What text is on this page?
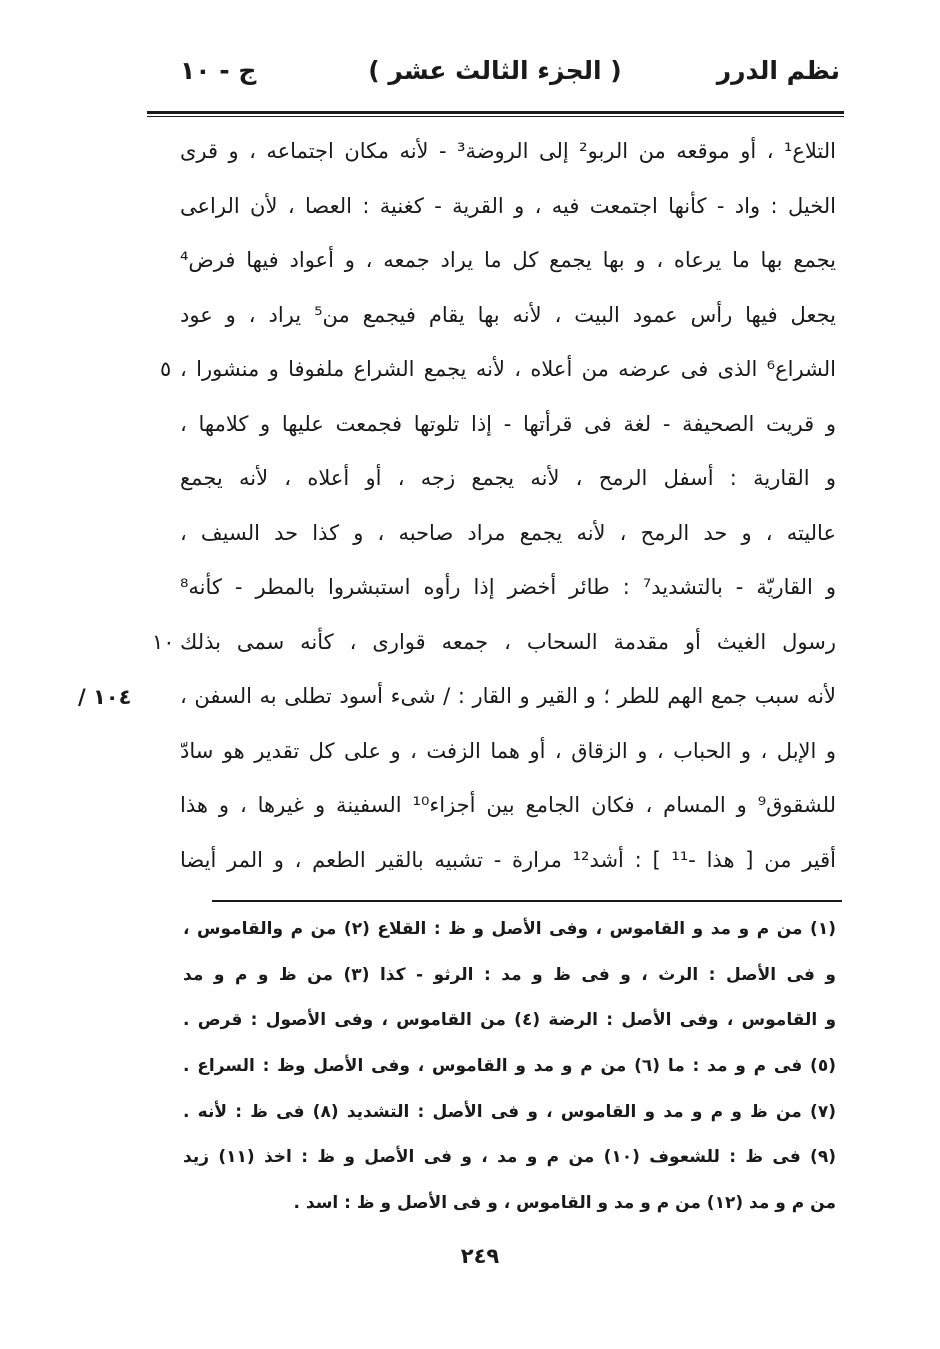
نظم الدرر
( الجزء الثالث عشر )
ج - ١٠
التلاع¹ ، أو موقعه من الربو² إلى الروضة³ - لأنه مكان اجتماعه ، و قرى
الخيل : واد - كأنها اجتمعت فيه ، و القرية - كغنية : العصا ، لأن الراعى
يجمع بها ما يرعاه ، و بها يجمع كل ما يراد جمعه ، و أعواد فيها فرض⁴
يجعل فيها رأس عمود البيت ، لأنه بها يقام فيجمع من⁵ يراد ، و عود
الشراع⁶ الذى فى عرضه من أعلاه ، لأنه يجمع الشراع ملفوفا و منشورا ،
و قريت الصحيفة - لغة فى قرأتها - إذا تلوتها فجمعت عليها و كلامها ،
و القارية : أسفل الرمح ، لأنه يجمع زجه ، أو أعلاه ، لأنه يجمع
عاليته ، و حد الرمح ، لأنه يجمع مراد صاحبه ، و كذا حد السيف ،
و القاريّة - بالتشديد⁷ : طائر أخضر إذا رأوه استبشروا بالمطر - كأنه⁸
رسول الغيث أو مقدمة السحاب ، جمعه قوارى ، كأنه سمى بذلك
لأنه سبب جمع الهم للطر ؛ و القير و القار : / شىء أسود تطلى به السفن ،
و الإبل ، و الحباب ، و الزقاق ، أو هما الزفت ، و على كل تقدير هو سادّ
للشقوق⁹ و المسام ، فكان الجامع بين أجزاء¹⁰ السفينة و غيرها ، و هذا
أقير من [ هذا -¹¹ ] : أشد¹² مرارة - تشبيه بالقير الطعم ، و المر أيضا
٥
١٠
١٠٤ /
(١) من م و مد و القاموس ، وفى الأصل و ظ : القلاع (٢) من م والقاموس ،
و فى الأصل : الرث ، و فى ظ و مد : الرثو - كذا (٣) من ظ و م و مد
و القاموس ، وفى الأصل : الرضة (٤) من القاموس ، وفى الأصول : قرص .
(٥) فى م و مد : ما (٦) من م و مد و القاموس ، وفى الأصل وظ : السراع .
(٧) من ظ و م و مد و القاموس ، و فى الأصل : التشديد (٨) فى ظ : لأنه .
(٩) فى ظ : للشعوف (١٠) من م و مد ، و فى الأصل و ظ : اخذ (١١) زيد
من م و مد (١٢) من م و مد و القاموس ، و فى الأصل و ظ : اسد .
٢٤٩
